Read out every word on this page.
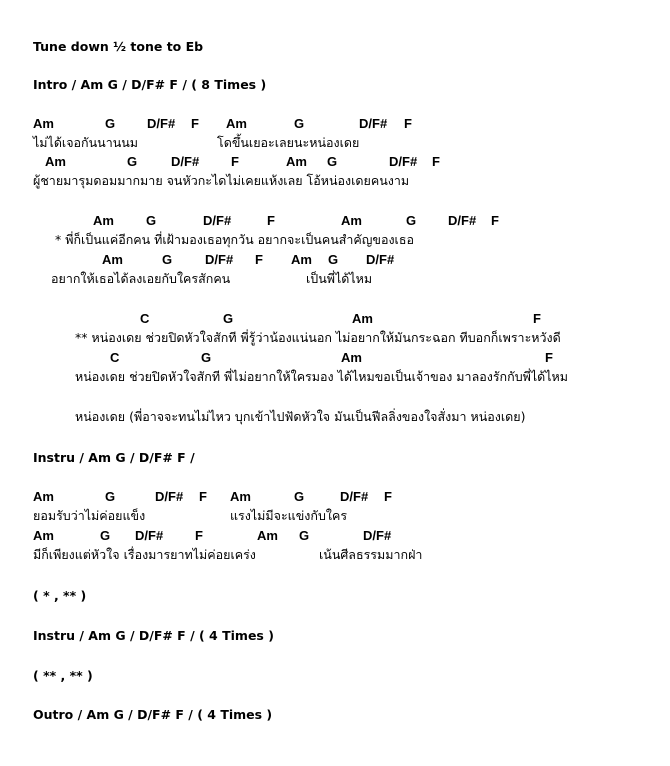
Tune down ½ tone to Eb
Intro / Am G / D/F# F / ( 8 Times )
Am	G D/F# F Am	G	D/F# F
ไม่ได้เจอกันนานนม	โดขึ้นเยอะเลยนะหน่องเดย
Am	G	D/F# F	Am G	D/F# F
ผู้ชายมารุมดอมมากมาย จนหัวกะไดไม่เคยแห้งเลย โอ้หน่องเดยคนงาม
Am G	D/F#	F	Am	G D/F# F
* พี่ก็เป็นแค่อีกคน ที่เฝ้ามองเธอทุกวัน อยากจะเป็นคนสำคัญของเธอ
Am	G	D/F# F Am G D/F#
อยากให้เธอได้ลงเอยกับใครสักคน	เป็นพี่ได้ไหม
C	G	Am	F
** หน่องเดย ช่วยปิดหัวใจสักที พี่รู้ว่าน้องแน่นอก ไม่อยากให้มันกระฉอก ทีบอกก็เพราะหวังดี
C	G	Am	F
หน่องเดย ช่วยปิดหัวใจสักที พี่ไม่อยากให้ใครมอง ได้ไหมขอเป็นเจ้าของ มาลองรักกับพี่ได้ไหม
หน่องเดย (พี่อาจจะทนไม่ไหว บุกเข้าไปฟัดหัวใจ มันเป็นฟีลลิ่งของใจสั่งมา หน่องเดย)
Instru / Am G / D/F# F /
Am	G	D/F# F Am	G	D/F# F
ยอมรับว่าไม่ค่อยแข็ง	แรงไม่มีจะแข่งกับใคร
Am	G D/F# F	Am G	D/F#
มีก็เพียงแต่หัวใจ เรื่องมารยาทไม่ค่อยเคร่ง	เน้นศีลธรรมมากฝ่า
( * , ** )
Instru / Am G / D/F# F / ( 4 Times )
( ** , ** )
Outro / Am G / D/F# F / ( 4 Times )
